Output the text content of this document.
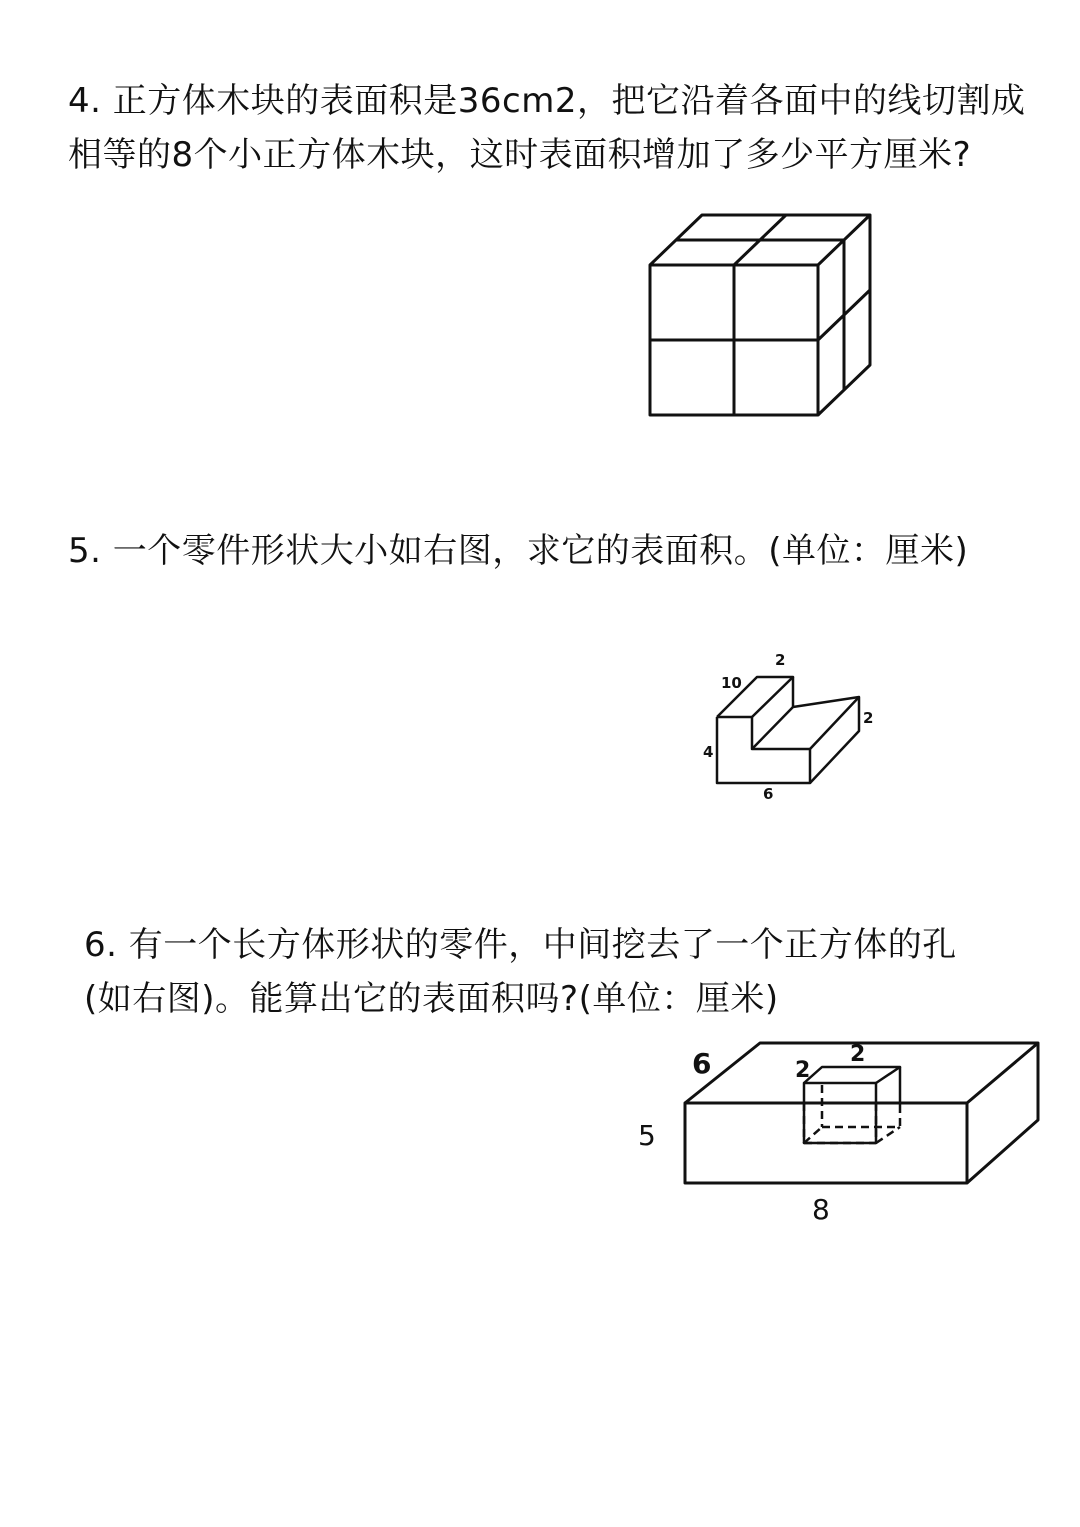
4. 正方体木块的表面积是36cm2，把它沿着各面中的线切割成
相等的8个小正方体木块，这时表面积增加了多少平方厘米?
5. 一个零件形状大小如右图，求它的表面积。(单位：厘米)
2
10
2
4
6
6. 有一个长方体形状的零件，中间挖去了一个正方体的孔
(如右图)。能算出它的表面积吗?(单位：厘米)
6
5
8
2
2
